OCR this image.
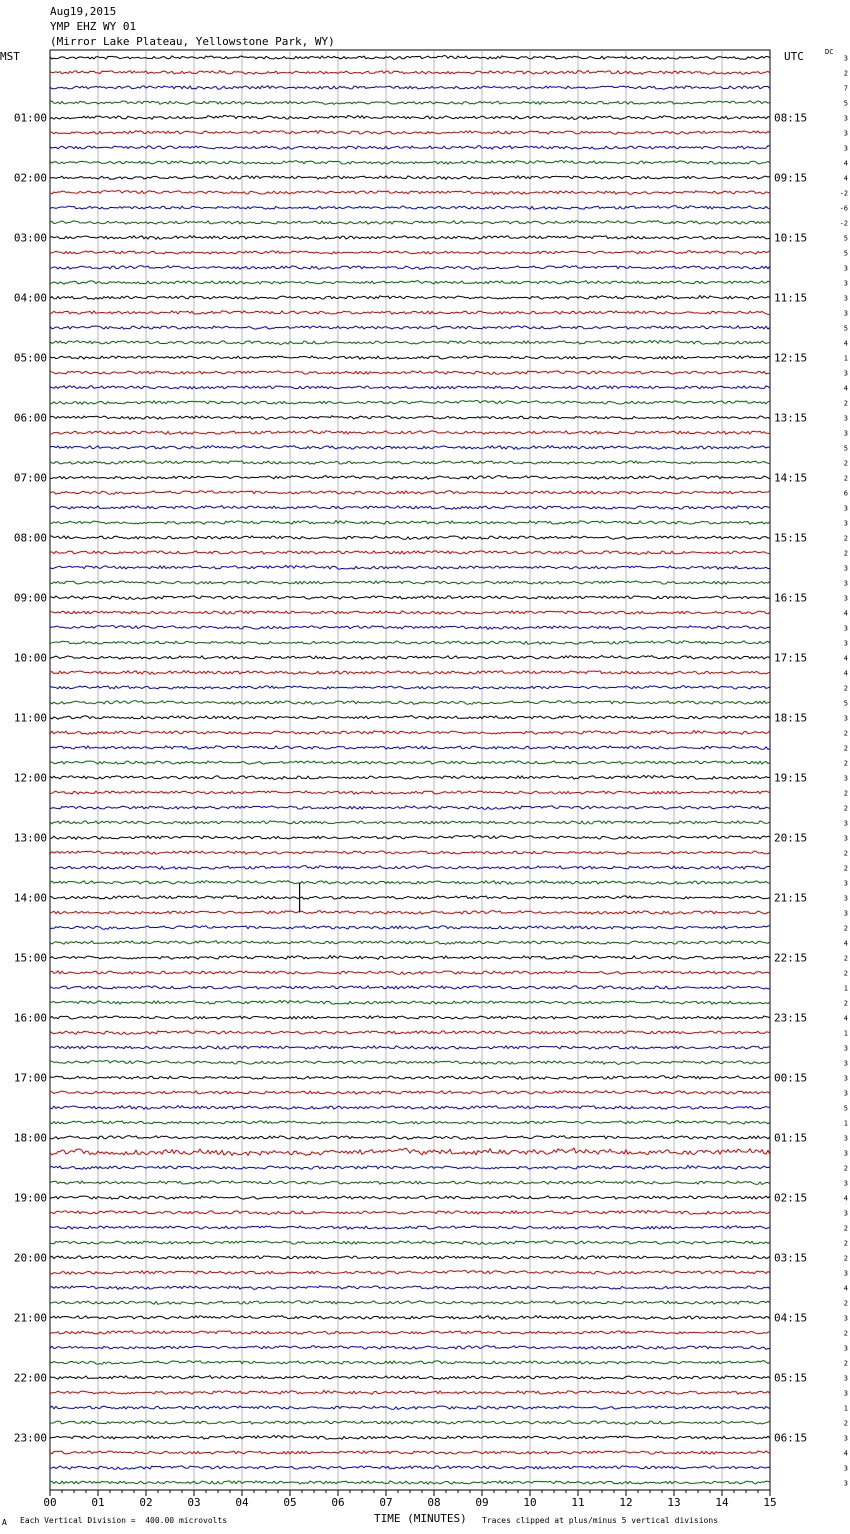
Aug19,2015
YMP EHZ WY 01
(Mirror Lake Plateau, Yellowstone Park, WY)
MST	UTC	DC
00	01	02	03	04	05	06	07	08	09	10	11	12	13	14	15
01:00
02:00
03:00
04:00
05:00
06:00
07:00
08:00
09:00
10:00
11:00
12:00
13:00
14:00
15:00
16:00
17:00
18:00
19:00
20:00
21:00
22:00
23:00
08:15
09:15
10:15
11:15
12:15
13:15
14:15
15:15
16:15
17:15
18:15
19:15
20:15
21:15
22:15
23:15
00:15
01:15
02:15
03:15
04:15
05:15
06:15
3
2
7
5
3
3
3
4
4
-2
-6
-2
5
5
3
3
3
3
5
4
1
3
4
2
3
3
5
2
2
6
3
3
2
2
3
3
3
4
3
3
4
4
2
5
3
2
2
2
3
2
2
3
3
2
2
3
3
3
2
4
2
2
1
2
4
1
3
3
3
3
5
1
3
3
2
3
4
3
2
2
2
3
4
2
3
2
3
2
3
3
1
2
3
4
3
3
A Each Vertical Division =  400.00 microvolts	TIME (MINUTES) Traces clipped at plus/minus 5 vertical divisions
